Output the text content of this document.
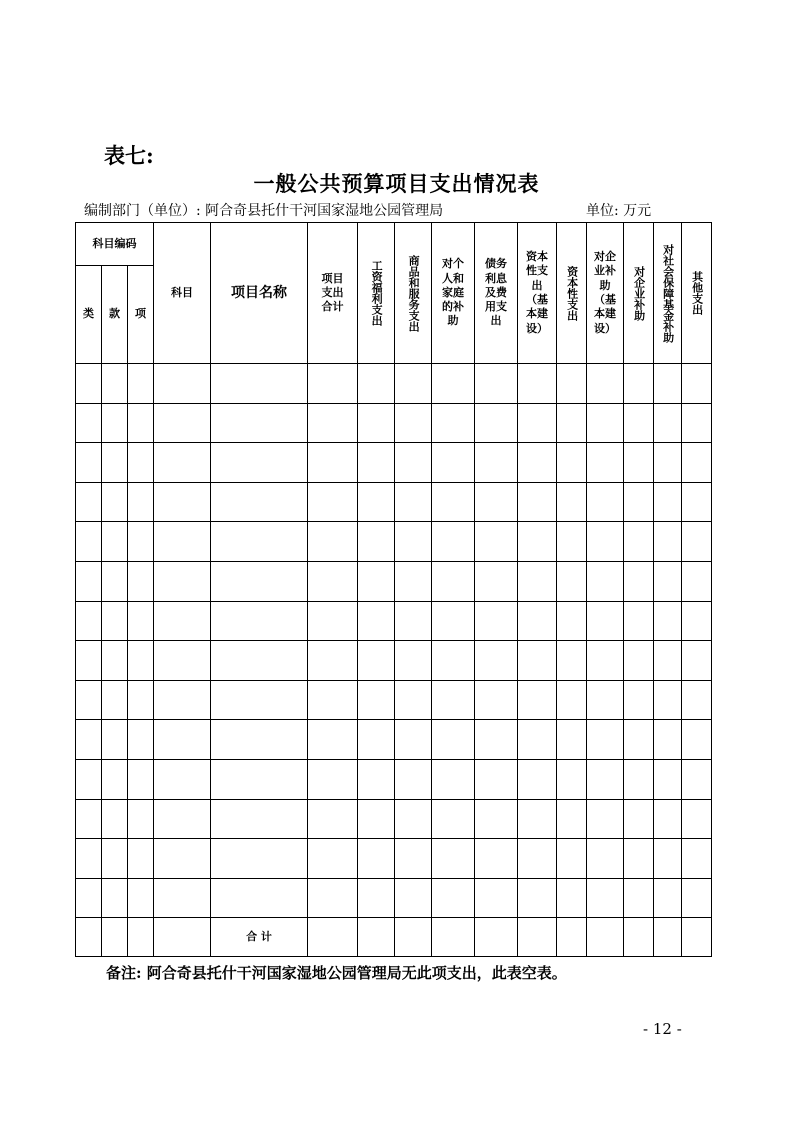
表七:
一般公共预算项目支出情况表
编制部门（单位）: 阿合奇县托什干河国家湿地公园管理局	单位: 万元
科目编码			科目	项目名称	项目支出合计	工资福利支出	商品和服务支出	对个人和家庭的补助	债务利息及费用支出	资本性支出（基本建设）	资本性支出	对企业补助（基本建设）	对企业补助	对社会保障基金补助	其他支出
类	款	项													

				合 计											
备注: 阿合奇县托什干河国家湿地公园管理局无此项支出，此表空表。
- 12 -
